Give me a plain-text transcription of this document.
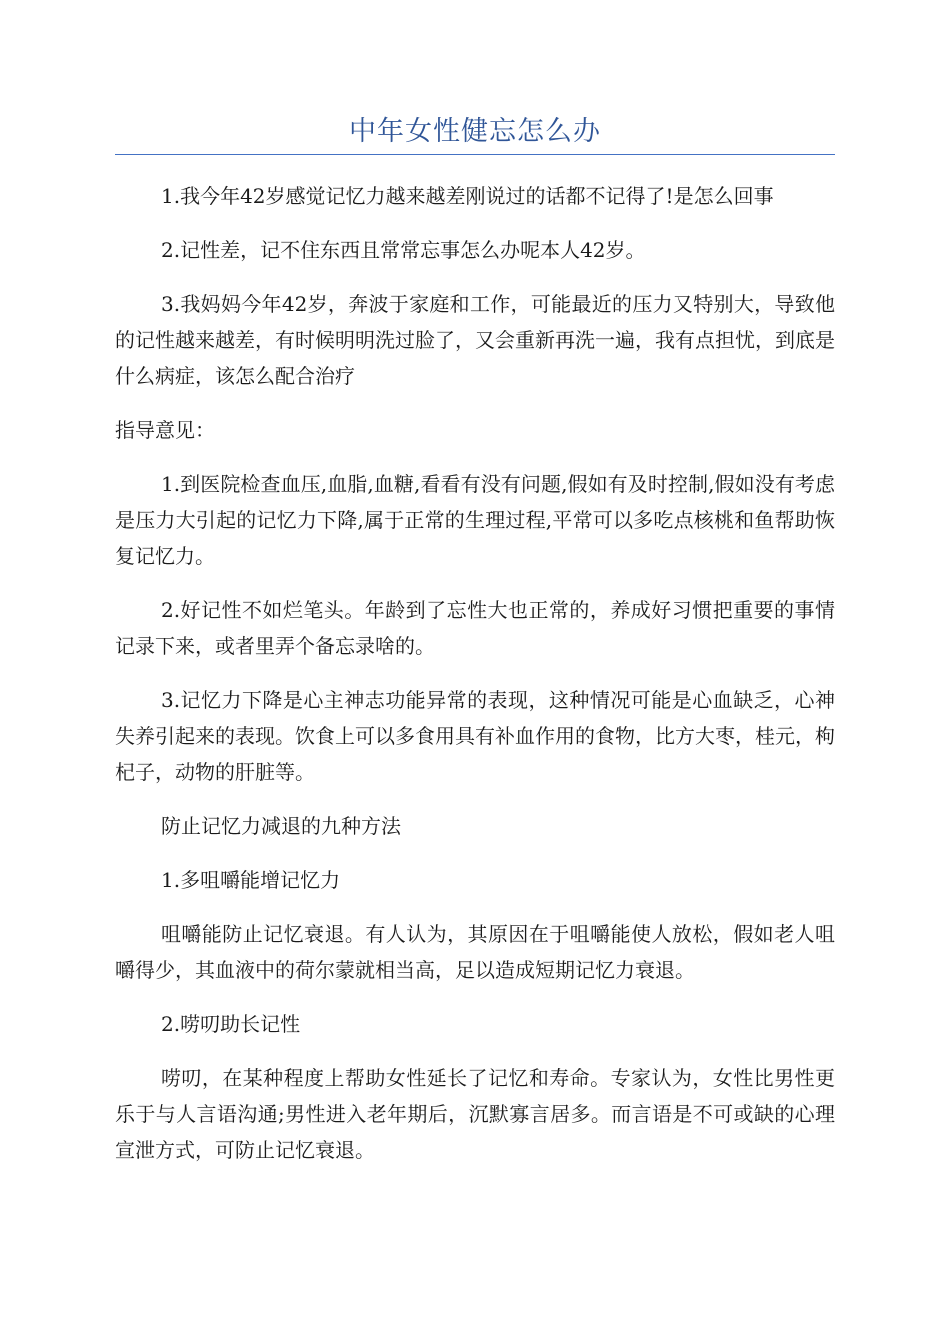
中年女性健忘怎么办

1.我今年42岁感觉记忆力越来越差刚说过的话都不记得了!是怎么回事

2.记性差，记不住东西且常常忘事怎么办呢本人42岁。

3.我妈妈今年42岁，奔波于家庭和工作，可能最近的压力又特别大，导致他的记性越来越差，有时候明明洗过脸了，又会重新再洗一遍，我有点担忧，到底是什么病症，该怎么配合治疗

指导意见：

1.到医院检查血压,血脂,血糖,看看有没有问题,假如有及时控制,假如没有考虑是压力大引起的记忆力下降,属于正常的生理过程,平常可以多吃点核桃和鱼帮助恢复记忆力。

2.好记性不如烂笔头。年龄到了忘性大也正常的，养成好习惯把重要的事情记录下来，或者里弄个备忘录啥的。

3.记忆力下降是心主神志功能异常的表现，这种情况可能是心血缺乏，心神失养引起来的表现。饮食上可以多食用具有补血作用的食物，比方大枣，桂元，枸杞子，动物的肝脏等。

防止记忆力减退的九种方法

1.多咀嚼能增记忆力

咀嚼能防止记忆衰退。有人认为，其原因在于咀嚼能使人放松，假如老人咀嚼得少，其血液中的荷尔蒙就相当高，足以造成短期记忆力衰退。

2.唠叨助长记性

唠叨，在某种程度上帮助女性延长了记忆和寿命。专家认为，女性比男性更乐于与人言语沟通;男性进入老年期后，沉默寡言居多。而言语是不可或缺的心理宣泄方式，可防止记忆衰退。
